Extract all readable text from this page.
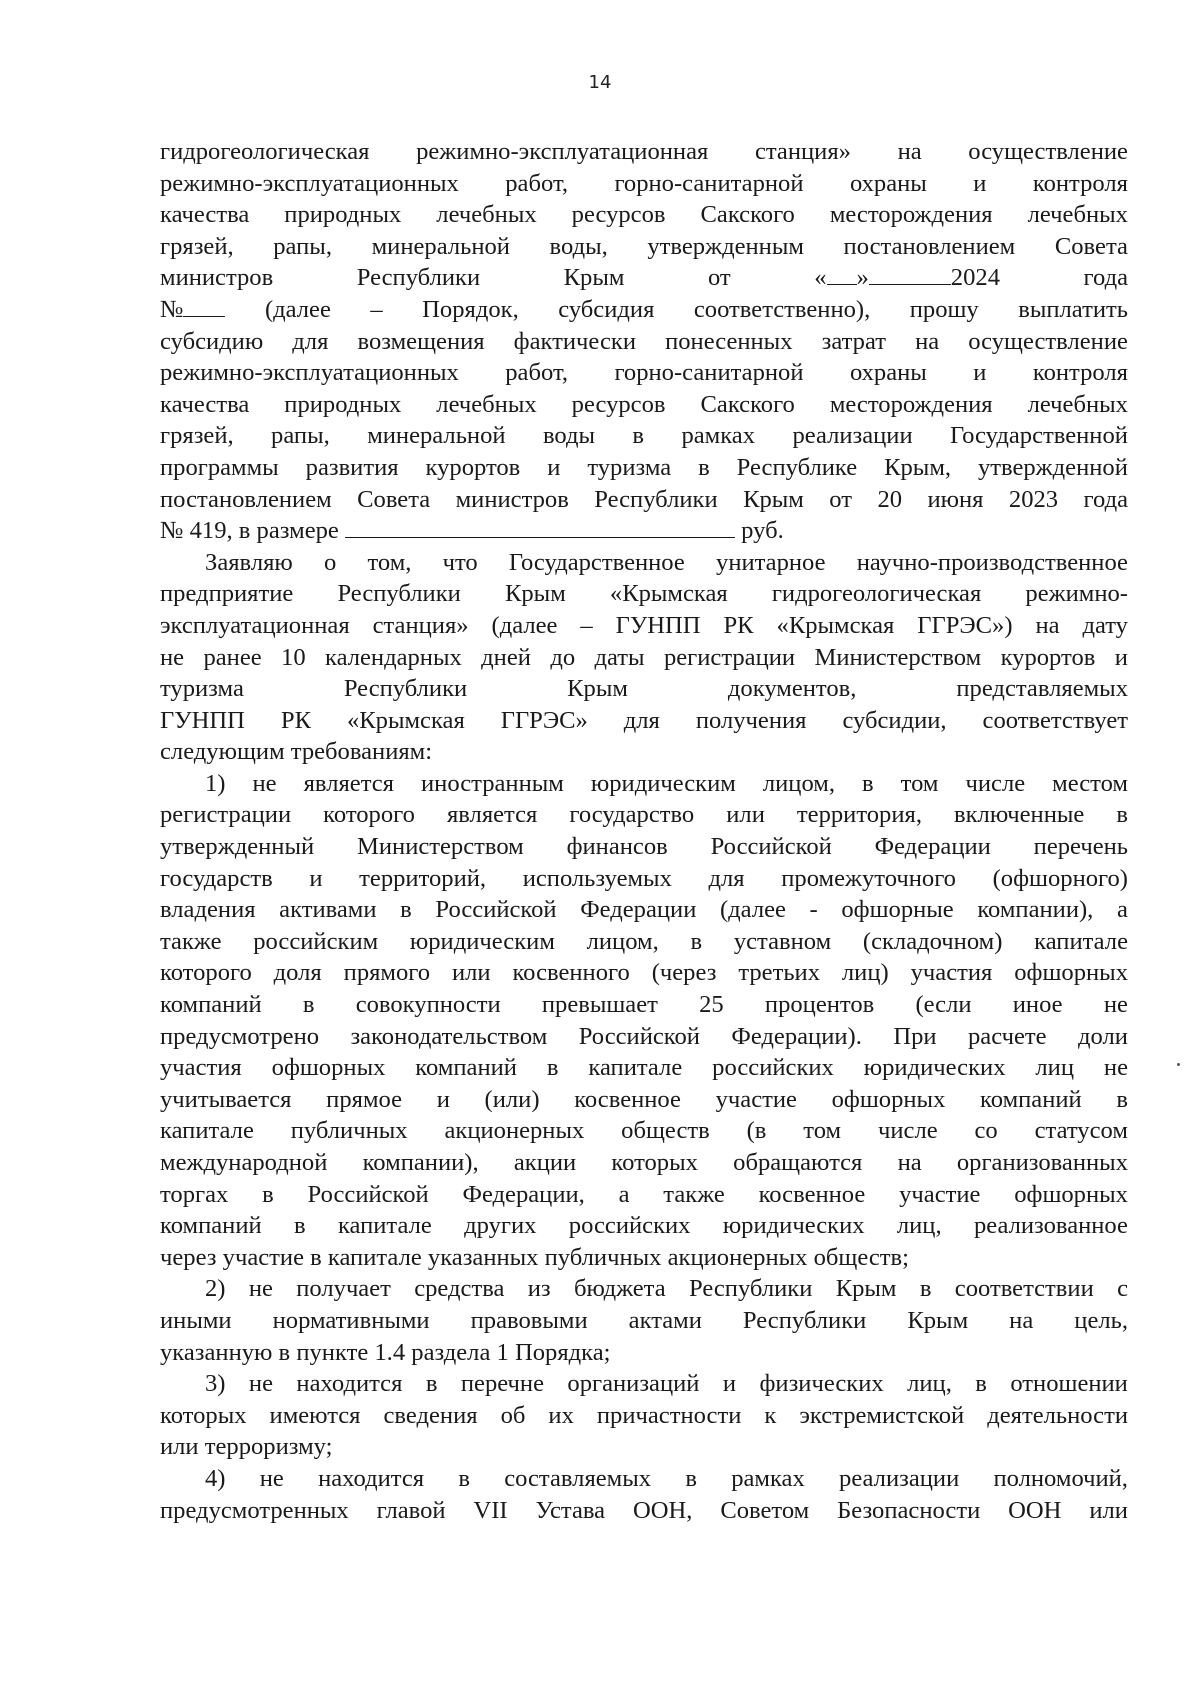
14
гидрогеологическая режимно-эксплуатационная станция» на осуществление
режимно-эксплуатационных работ, горно-санитарной охраны и контроля
качества природных лечебных ресурсов Сакского месторождения лечебных
грязей, рапы, минеральной воды, утвержденным постановлением Совета
министров	Республики	Крым	от	« »	2024	года
№	(далее – Порядок, субсидия соответственно), прошу выплатить
субсидию для возмещения фактически понесенных затрат на осуществление
режимно-эксплуатационных работ, горно-санитарной охраны и контроля
качества природных лечебных ресурсов Сакского месторождения лечебных
грязей, рапы, минеральной воды в рамках реализации Государственной
программы развития курортов и туризма в Республике Крым, утвержденной
постановлением Совета министров Республики Крым от 20 июня 2023 года
№ 419, в размере	руб.
Заявляю о том, что Государственное унитарное научно-производственное
предприятие Республики Крым «Крымская гидрогеологическая режимно-
эксплуатационная станция» (далее – ГУНПП РК «Крымская ГГРЭС») на дату
не ранее 10 календарных дней до даты регистрации Министерством курортов и
туризма	Республики	Крым	документов,	представляемых
ГУНПП РК «Крымская ГГРЭС» для получения субсидии, соответствует
следующим требованиям:
1) не является иностранным юридическим лицом, в том числе местом
регистрации которого является государство или территория, включенные в
утвержденный Министерством финансов Российской Федерации перечень
государств и территорий, используемых для промежуточного (офшорного)
владения активами в Российской Федерации (далее - офшорные компании), а
также российским юридическим лицом, в уставном (складочном) капитале
которого доля прямого или косвенного (через третьих лиц) участия офшорных
компаний в совокупности превышает 25 процентов (если иное не
предусмотрено законодательством Российской Федерации). При расчете доли
участия офшорных компаний в капитале российских юридических лиц не
учитывается прямое и (или) косвенное участие офшорных компаний в
капитале публичных акционерных обществ (в том числе со статусом
международной компании), акции которых обращаются на организованных
торгах в Российской Федерации, а также косвенное участие офшорных
компаний в капитале других российских юридических лиц, реализованное
через участие в капитале указанных публичных акционерных обществ;
2) не получает средства из бюджета Республики Крым в соответствии с
иными нормативными правовыми актами Республики Крым на цель,
указанную в пункте 1.4 раздела 1 Порядка;
3) не находится в перечне организаций и физических лиц, в отношении
которых имеются сведения об их причастности к экстремистской деятельности
или терроризму;
4) не находится в составляемых в рамках реализации полномочий,
предусмотренных главой VII Устава ООН, Советом Безопасности ООН или
